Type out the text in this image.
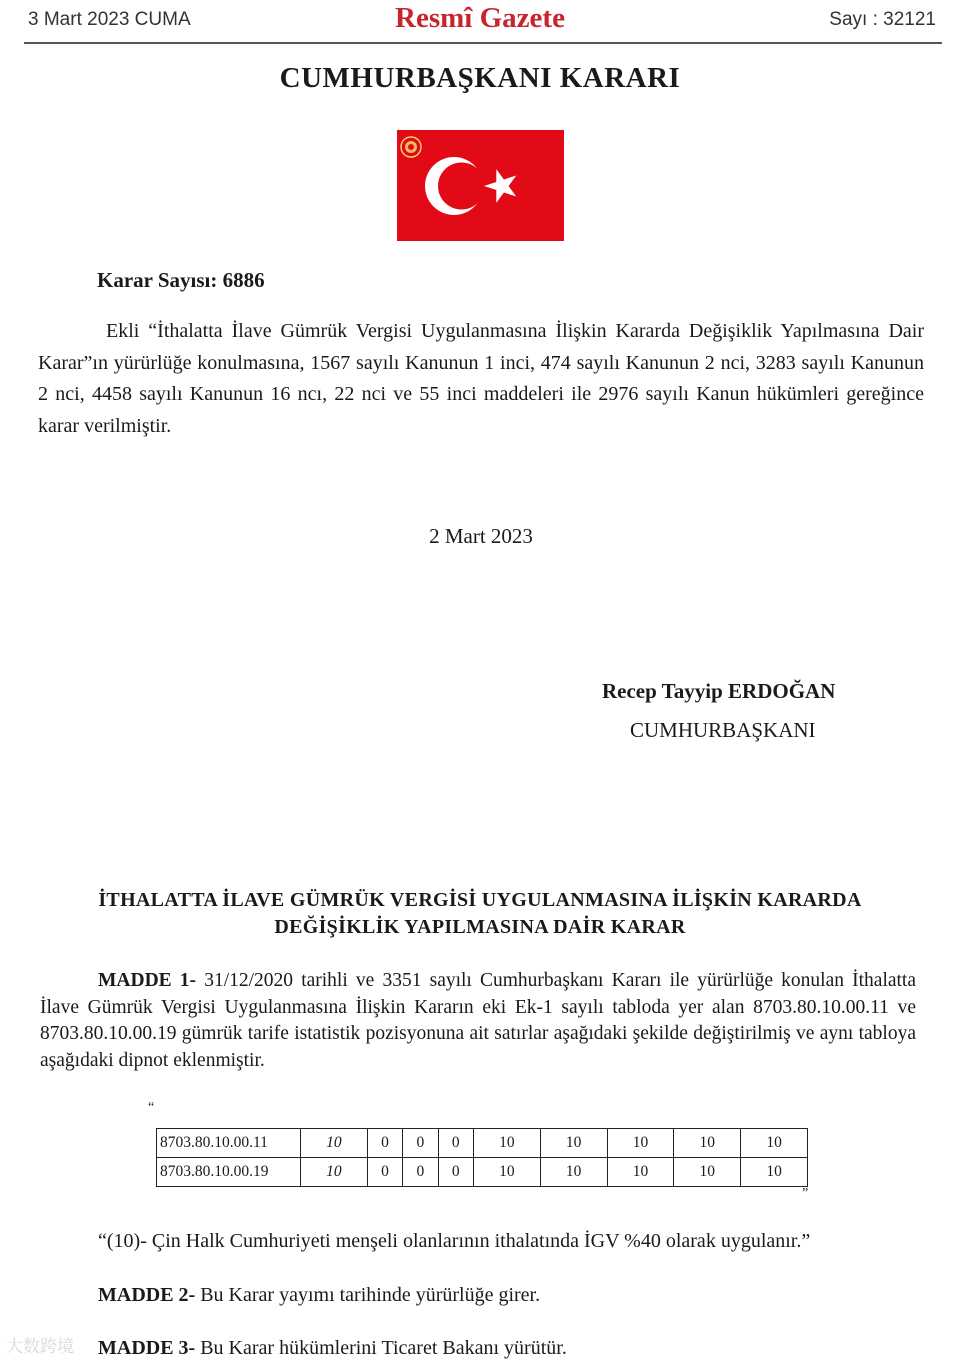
3 Mart 2023 CUMA	Resmî Gazete	Sayı : 32121
CUMHURBAŞKANI KARARI
Karar Sayısı: 6886
Ekli “İthalatta İlave Gümrük Vergisi Uygulanmasına İlişkin Kararda Değişiklik Yapılmasına Dair Karar”ın yürürlüğe konulmasına, 1567 sayılı Kanunun 1 inci, 474 sayılı Kanunun 2 nci, 3283 sayılı Kanunun 2 nci, 4458 sayılı Kanunun 16 ncı, 22 nci ve 55 inci maddeleri ile 2976 sayılı Kanun hükümleri gereğince karar verilmiştir.
2 Mart 2023
Recep Tayyip ERDOĞAN
CUMHURBAŞKANI
İTHALATTA İLAVE GÜMRÜK VERGİSİ UYGULANMASINA İLİŞKİN KARARDA
DEĞİŞİKLİK YAPILMASINA DAİR KARAR
MADDE 1- 31/12/2020 tarihli ve 3351 sayılı Cumhurbaşkanı Kararı ile yürürlüğe konulan İthalatta İlave Gümrük Vergisi Uygulanmasına İlişkin Kararın eki Ek-1 sayılı tabloda yer alan 8703.80.10.00.11 ve 8703.80.10.00.19 gümrük tarife istatistik pozisyonuna ait satırlar aşağıdaki şekilde değiştirilmiş ve aynı tabloya aşağıdaki dipnot eklenmiştir.
“
8703.80.10.00.11	10	0	0	0	10	10	10	10	10
8703.80.10.00.19	10	0	0	0	10	10	10	10	10
”
“(10)- Çin Halk Cumhuriyeti menşeli olanlarının ithalatında İGV %40 olarak uygulanır.”
MADDE 2- Bu Karar yayımı tarihinde yürürlüğe girer.
MADDE 3- Bu Karar hükümlerini Ticaret Bakanı yürütür.
大数跨境
